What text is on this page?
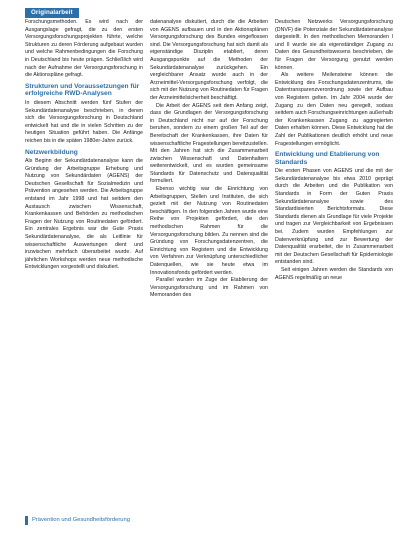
Originalarbeit

Forschungsmethoden. Es wird nach der Ausgangslage gefragt, die zu den ersten Versorgungsforschungsprojekten führte, welche Strukturen zu deren Förderung aufgebaut wurden und welche Rahmenbedingungen die Forschung in Deutschland bis heute prägen. Schließlich wird nach der Aufnahme der Versorgungsforschung in die Aktionspläne gefragt.

Strukturen und Voraussetzungen für erfolgreiche RWD-Analysen

In diesem Abschnitt werden fünf Stufen der Sekundärdatenanalyse beschrieben, in denen sich die Versorgungsforschung in Deutschland entwickelt hat und die in vielen Schritten zu der heutigen Situation geführt haben. Die Anfänge reichen bis in die späten 1980er-Jahre zurück.

Netzwerkbildung

Als Beginn der Sekundärdatenanalyse kann die Gründung der Arbeitsgruppe Erhebung und Nutzung von Sekundärdaten (AGENS) der Deutschen Gesellschaft für Sozialmedizin und Prävention angesehen werden. Die Arbeitsgruppe entstand im Jahr 1998 und hat seitdem den Austausch zwischen Wissenschaft, Krankenkassen und Behörden zu methodischen Fragen der Nutzung von Routinedaten gefördert. Ein zentrales Ergebnis war die Gute Praxis Sekundärdatenanalyse, die als Leitlinie für wissenschaftliche Auswertungen dient und inzwischen mehrfach überarbeitet wurde. Auf jährlichen Workshops werden neue methodische Entwicklungen vorgestellt und diskutiert.

datenanalyse diskutiert, durch die die Arbeiten von AGENS aufbauen und in den Aktionsplänen Versorgungsforschung des Bundes eingeflossen sind. Die Versorgungsforschung hat sich damit als eigenständige Disziplin etabliert, deren Ausgangspunkte auf die Methoden der Sekundärdatenanalyse zurückgehen. Ein vergleichbarer Ansatz wurde auch in der Arzneimittel-Versorgungsforschung verfolgt, die sich mit der Nutzung von Routinedaten für Fragen der Arzneimittelsicherheit beschäftigt.

Die Arbeit der AGENS seit dem Anfang zeigt, dass die Grundlagen der Versorgungsforschung in Deutschland nicht nur auf der Forschung beruhen, sondern zu einem großen Teil auf der Bereitschaft der Krankenkassen, ihre Daten für wissenschaftliche Fragestellungen bereitzustellen. Mit den Jahren hat sich die Zusammenarbeit zwischen Wissenschaft und Datenhaltern weiterentwickelt, und es wurden gemeinsame Standards für Datenschutz und Datenqualität formuliert.

Ebenso wichtig war die Einrichtung von Arbeitsgruppen, Stellen und Instituten, die sich gezielt mit der Nutzung von Routinedaten beschäftigen. In den folgenden Jahren wurde eine Reihe von Projekten gefördert, die den methodischen Rahmen für die Versorgungsforschung bilden. Zu nennen sind die Gründung von Forschungsdatenzentren, die Einrichtung von Registern und die Entwicklung von Verfahren zur Verknüpfung unterschiedlicher Datenquellen, wie sie heute etwa im Innovationsfonds gefördert werden.

Parallel wurden im Zuge der Etablierung der Versorgungsforschung und im Rahmen von Memoranden des

Deutschen Netzwerks Versorgungsforschung (DNVF) die Potenziale der Sekundärdatenanalyse dargestellt. In den methodischen Memoranden I und II wurde sie als eigenständiger Zugang zu Daten des Gesundheitswesens beschrieben, die für Fragen der Versorgung genutzt werden können.

Als weitere Meilensteine können die Entwicklung des Forschungsdatenzentrums, die Datentransparenzverordnung sowie der Aufbau von Registern gelten. Im Jahr 2004 wurde der Zugang zu den Daten neu geregelt, sodass seitdem auch Forschungseinrichtungen außerhalb der Krankenkassen Zugang zu aggregierten Daten erhalten können. Diese Entwicklung hat die Zahl der Publikationen deutlich erhöht und neue Fragestellungen ermöglicht.

Entwicklung und Etablierung von Standards

Die ersten Phasen von AGENS und die mit der Sekundärdatenanalyse bis etwa 2010 geprägt durch die Arbeiten und die Publikation von Standards in Form der Guten Praxis Sekundärdatenanalyse sowie des Standardisierten Berichtsformats. Diese Standards dienen als Grundlage für viele Projekte und tragen zur Vergleichbarkeit von Ergebnissen bei. Zudem wurden Empfehlungen zur Datenverknüpfung und zur Bewertung der Datenqualität erarbeitet, die in Zusammenarbeit mit der Deutschen Gesellschaft für Epidemiologie entstanden sind.

Seit einigen Jahren werden die Standards von AGENS regelmäßig an neue

Prävention und Gesundheitsförderung
